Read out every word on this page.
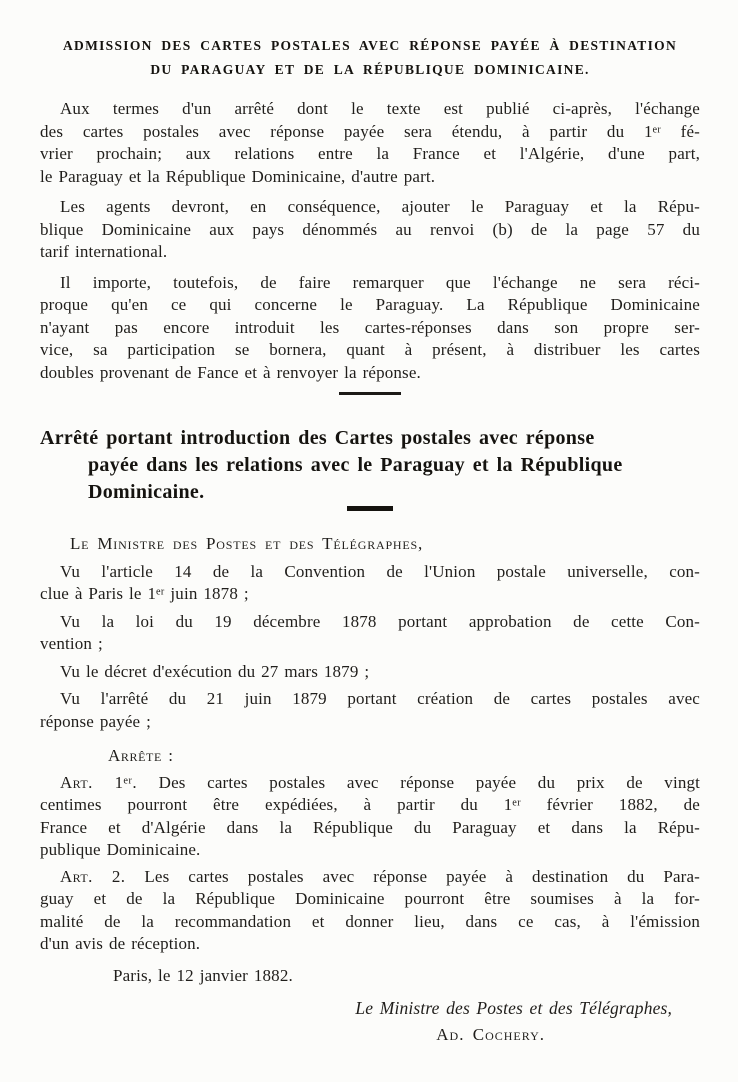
ADMISSION DES CARTES POSTALES AVEC RÉPONSE PAYÉE À DESTINATION
DU PARAGUAY ET DE LA RÉPUBLIQUE DOMINICAINE.
Aux termes d'un arrêté dont le texte est publié ci-après, l'échange
des cartes postales avec réponse payée sera étendu, à partir du 1ᵉʳ fé-
vrier prochain; aux relations entre la France et l'Algérie, d'une part,
le Paraguay et la République Dominicaine, d'autre part.
Les agents devront, en conséquence, ajouter le Paraguay et la Répu-
blique Dominicaine aux pays dénommés au renvoi (b) de la page 57 du
tarif international.
Il importe, toutefois, de faire remarquer que l'échange ne sera réci-
proque qu'en ce qui concerne le Paraguay. La République Dominicaine
n'ayant pas encore introduit les cartes-réponses dans son propre ser-
vice, sa participation se bornera, quant à présent, à distribuer les cartes
doubles provenant de Fance et à renvoyer la réponse.
Arrêté portant introduction des Cartes postales avec réponse
payée dans les relations avec le Paraguay et la République
Dominicaine.
Le Ministre des Postes et des Télégraphes,
Vu l'article 14 de la Convention de l'Union postale universelle, con-
clue à Paris le 1ᵉʳ juin 1878 ;
Vu la loi du 19 décembre 1878 portant approbation de cette Con-
vention ;
Vu le décret d'exécution du 27 mars 1879 ;
Vu l'arrêté du 21 juin 1879 portant création de cartes postales avec
réponse payée ;
Arrête :
Art. 1ᵉʳ. Des cartes postales avec réponse payée du prix de vingt
centimes pourront être expédiées, à partir du 1ᵉʳ février 1882, de
France et d'Algérie dans la République du Paraguay et dans la Répu-
publique Dominicaine.
Art. 2. Les cartes postales avec réponse payée à destination du Para-
guay et de la République Dominicaine pourront être soumises à la for-
malité de la recommandation et donner lieu, dans ce cas, à l'émission
d'un avis de réception.
Paris, le 12 janvier 1882.
Le Ministre des Postes et des Télégraphes,
Ad. Cochery.
